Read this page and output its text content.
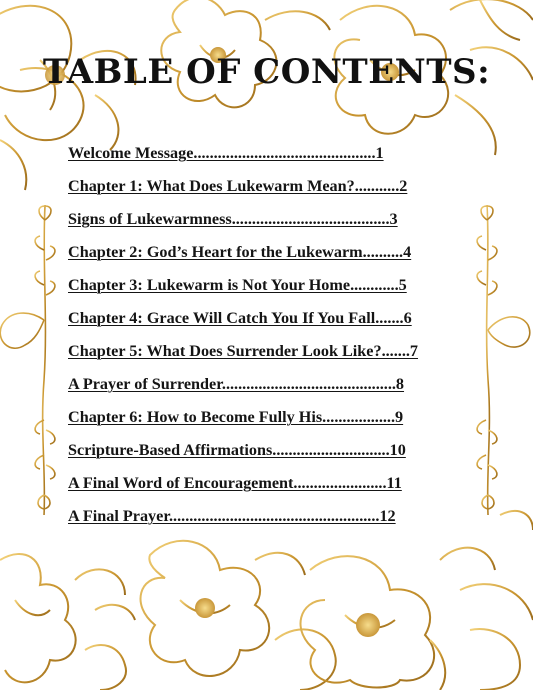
TABLE OF CONTENTS:
Welcome Message.............................................1
Chapter 1: What Does Lukewarm Mean?...........2
Signs of Lukewarmness.......................................3
Chapter 2: God’s Heart for the Lukewarm..........4
Chapter 3: Lukewarm is Not Your Home............5
Chapter 4: Grace Will Catch You If You Fall.......6
Chapter 5: What Does Surrender Look Like?.......7
A Prayer of Surrender...........................................8
Chapter 6: How to Become Fully His..................9
Scripture-Based Affirmations.............................10
A Final Word of Encouragement.......................11
A Final Prayer....................................................12
